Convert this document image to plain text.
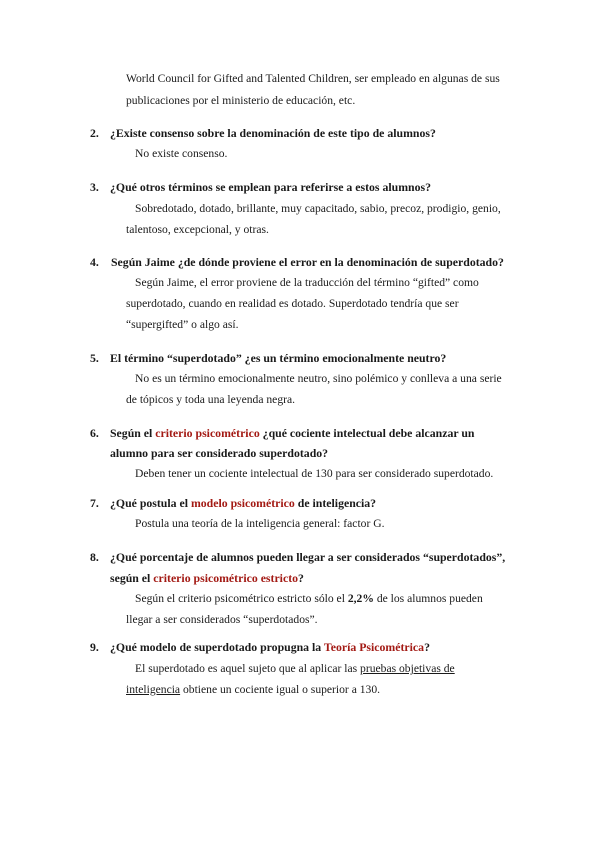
World Council for Gifted and Talented Children, ser empleado en algunas de sus
publicaciones por el ministerio de educación, etc.
2. ¿Existe consenso sobre la denominación de este tipo de alumnos?
No existe consenso.
3. ¿Qué otros términos se emplean para referirse a estos alumnos?
Sobredotado, dotado, brillante, muy capacitado, sabio, precoz, prodigio, genio,
talentoso, excepcional, y otras.
4. Según Jaime ¿de dónde proviene el error en la denominación de superdotado?
Según Jaime, el error proviene de la traducción del término “gifted” como
superdotado, cuando en realidad es dotado. Superdotado tendría que ser
“supergifted” o algo así.
5. El término “superdotado” ¿es un término emocionalmente neutro?
No es un término emocionalmente neutro, sino polémico y conlleva a una serie
de tópicos y toda una leyenda negra.
6. Según el criterio psicométrico ¿qué cociente intelectual debe alcanzar un
alumno para ser considerado superdotado?
Deben tener un cociente intelectual de 130 para ser considerado superdotado.
7. ¿Qué postula el modelo psicométrico de inteligencia?
Postula una teoría de la inteligencia general: factor G.
8. ¿Qué porcentaje de alumnos pueden llegar a ser considerados “superdotados”,
según el criterio psicométrico estricto?
Según el criterio psicométrico estricto sólo el 2,2% de los alumnos pueden
llegar a ser considerados “superdotados”.
9. ¿Qué modelo de superdotado propugna la Teoría Psicométrica?
El superdotado es aquel sujeto que al aplicar las pruebas objetivas de
inteligencia obtiene un cociente igual o superior a 130.
